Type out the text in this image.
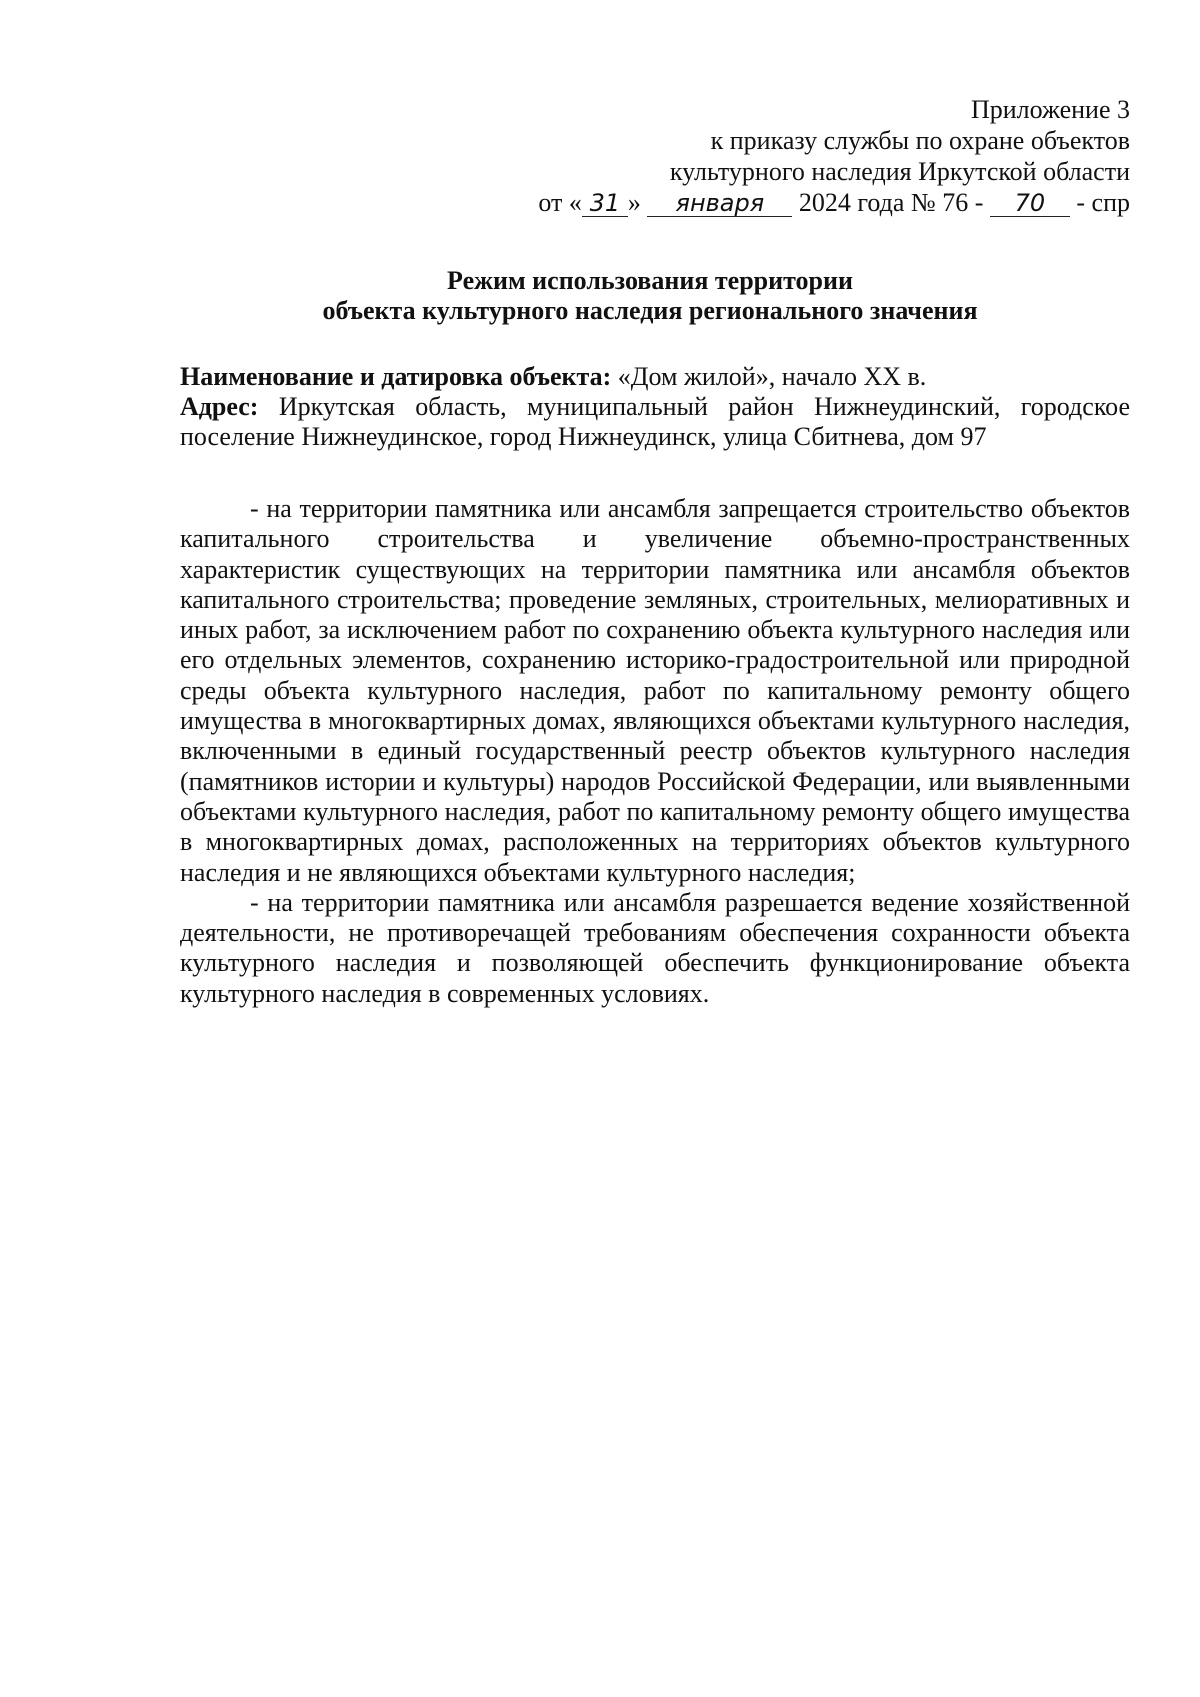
Приложение 3
к приказу службы по охране объектов
культурного наследия Иркутской области
от « 31 » января 2024 года № 76 - 70 - спр
Режим использования территории
объекта культурного наследия регионального значения

Наименование и датировка объекта: «Дом жилой», начало XX в.

Адрес: Иркутская область, муниципальный район Нижнеудинский, городское поселение Нижнеудинское, город Нижнеудинск, улица Сбитнева, дом 97

- на территории памятника или ансамбля запрещается строительство объектов капитального строительства и увеличение объемно-пространственных характеристик существующих на территории памятника или ансамбля объектов капитального строительства; проведение земляных, строительных, мелиоративных и иных работ, за исключением работ по сохранению объекта культурного наследия или его отдельных элементов, сохранению историко-градостроительной или природной среды объекта культурного наследия, работ по капитальному ремонту общего имущества в многоквартирных домах, являющихся объектами культурного наследия, включенными в единый государственный реестр объектов культурного наследия (памятников истории и культуры) народов Российской Федерации, или выявленными объектами культурного наследия, работ по капитальному ремонту общего имущества в многоквартирных домах, расположенных на территориях объектов культурного наследия и не являющихся объектами культурного наследия;

- на территории памятника или ансамбля разрешается ведение хозяйственной деятельности, не противоречащей требованиям обеспечения сохранности объекта культурного наследия и позволяющей обеспечить функционирование объекта культурного наследия в современных условиях.
